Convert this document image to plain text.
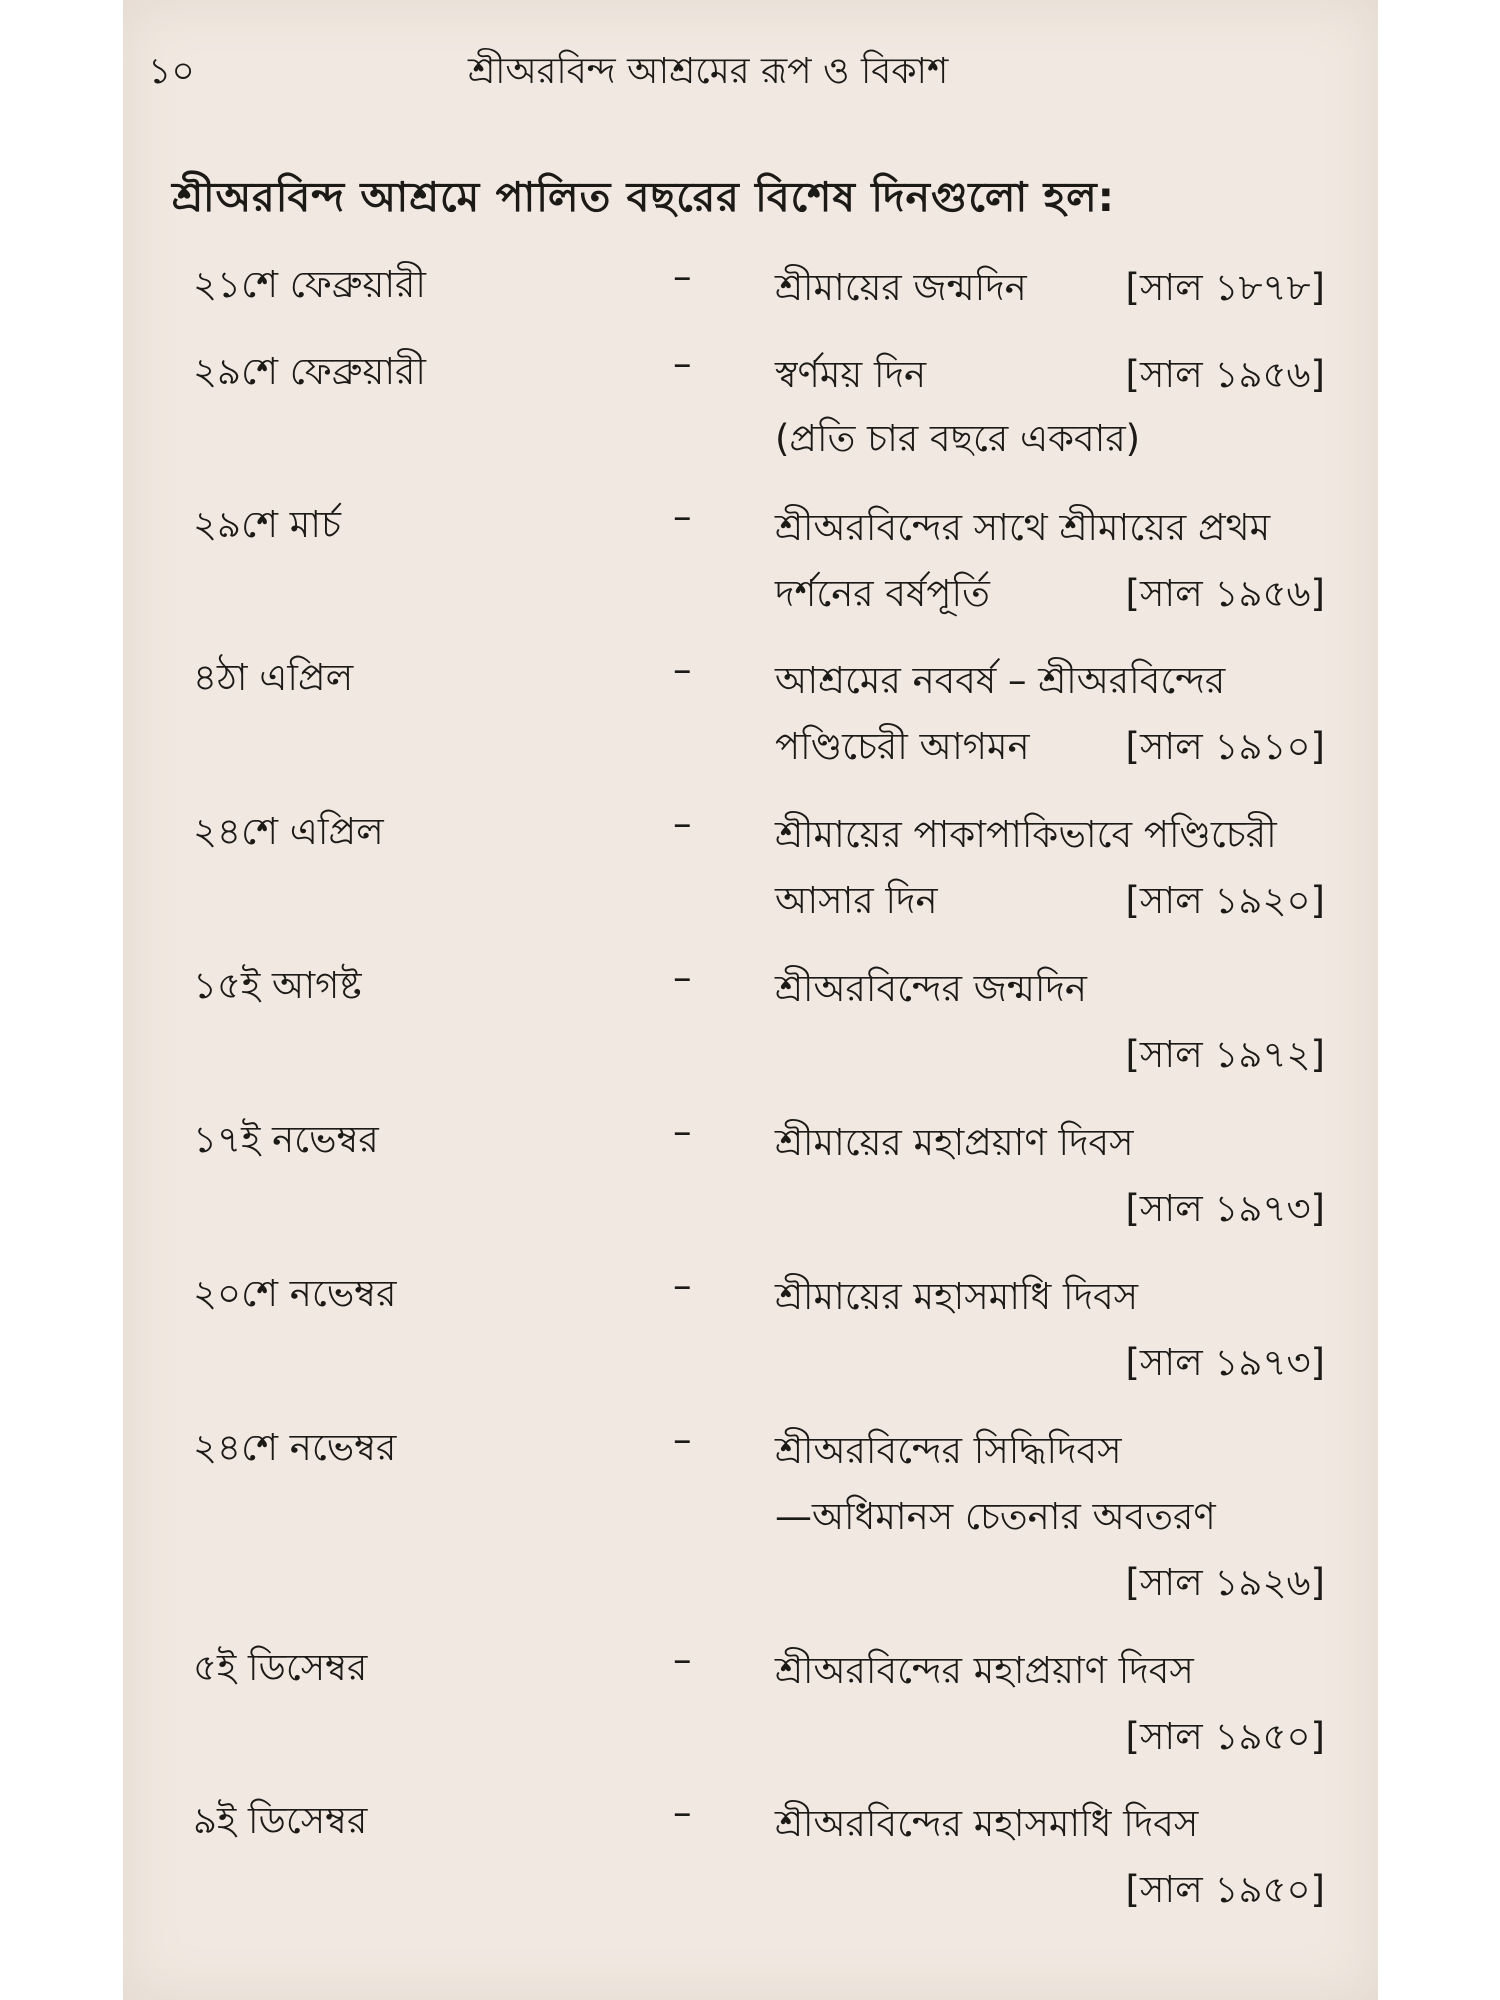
১০	শ্রীঅরবিন্দ আশ্রমের রূপ ও বিকাশ
শ্রীঅরবিন্দ আশ্রমে পালিত বছরের বিশেষ দিনগুলো হল:
২১শে ফেব্রুয়ারী	– শ্রীমায়ের জন্মদিন	[সাল ১৮৭৮]
২৯শে ফেব্রুয়ারী	– স্বর্ণময় দিন	[সাল ১৯৫৬]
(প্রতি চার বছরে একবার)
২৯শে মার্চ	– শ্রীঅরবিন্দের সাথে শ্রীমায়ের প্রথম
দর্শনের বর্ষপূর্তি	[সাল ১৯৫৬]
৪ঠা এপ্রিল	– আশ্রমের নববর্ষ – শ্রীঅরবিন্দের
পণ্ডিচেরী আগমন	[সাল ১৯১০]
২৪শে এপ্রিল	– শ্রীমায়ের পাকাপাকিভাবে পণ্ডিচেরী
আসার দিন	[সাল ১৯২০]
১৫ই আগষ্ট	– শ্রীঅরবিন্দের জন্মদিন
[সাল ১৯৭২]
১৭ই নভেম্বর	– শ্রীমায়ের মহাপ্রয়াণ দিবস
[সাল ১৯৭৩]
২০শে নভেম্বর	– শ্রীমায়ের মহাসমাধি দিবস
[সাল ১৯৭৩]
২৪শে নভেম্বর	– শ্রীঅরবিন্দের সিদ্ধিদিবস
—অধিমানস চেতনার অবতরণ
[সাল ১৯২৬]
৫ই ডিসেম্বর	– শ্রীঅরবিন্দের মহাপ্রয়াণ দিবস
[সাল ১৯৫০]
৯ই ডিসেম্বর	– শ্রীঅরবিন্দের মহাসমাধি দিবস
[সাল ১৯৫০]
